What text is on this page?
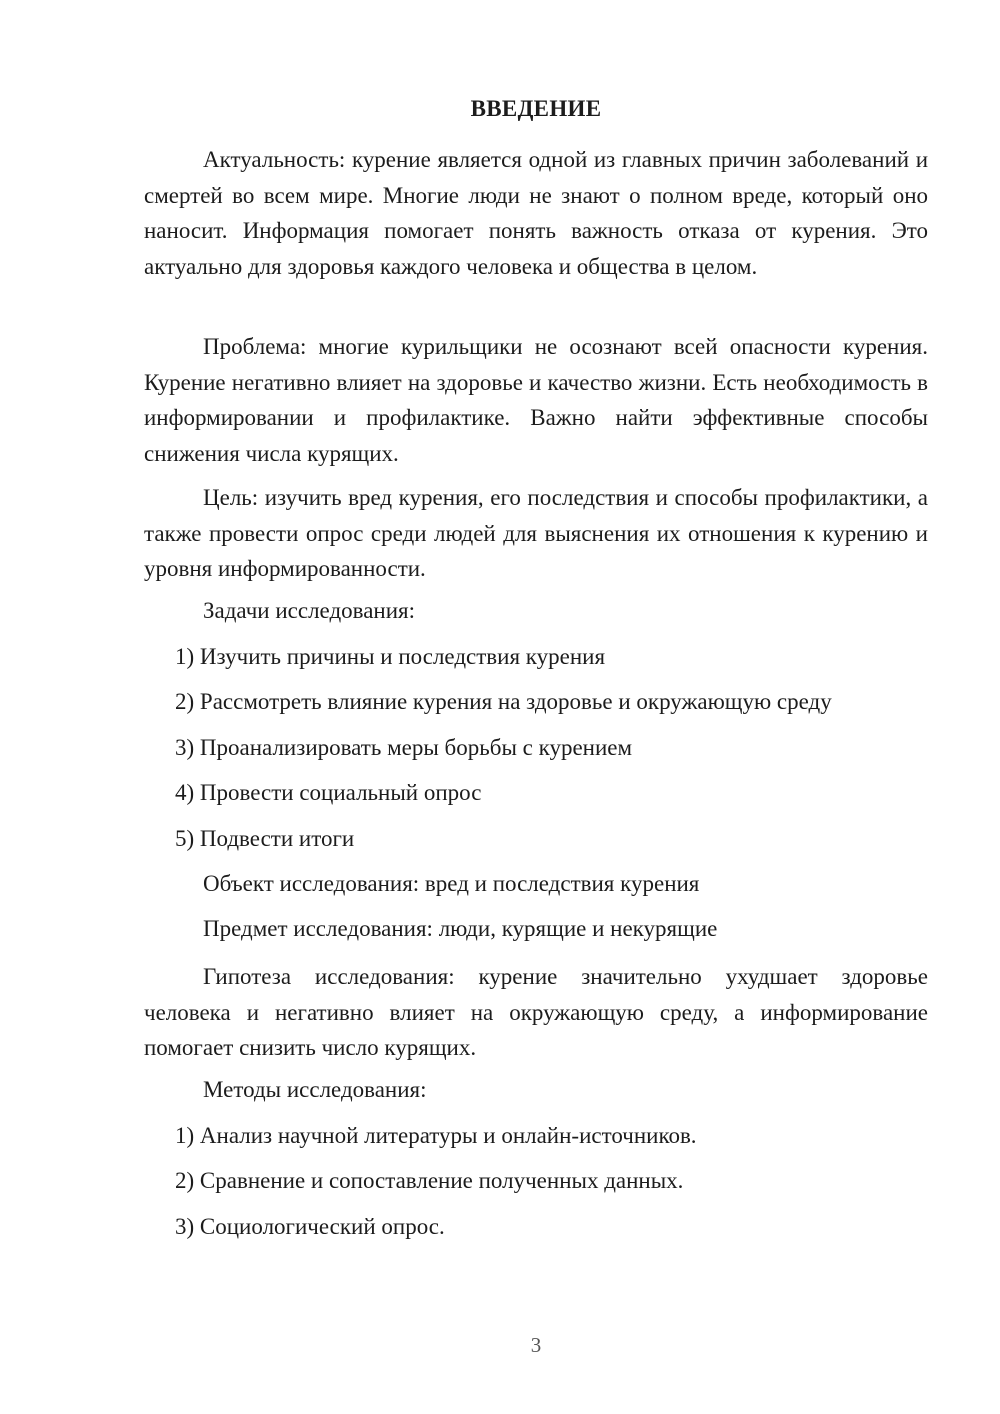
ВВЕДЕНИЕ

Актуальность: курение является одной из главных причин заболеваний и смертей во всем мире. Многие люди не знают о полном вреде, который оно наносит. Информация помогает понять важность отказа от курения. Это актуально для здоровья каждого человека и общества в целом.

Проблема: многие курильщики не осознают всей опасности курения. Курение негативно влияет на здоровье и качество жизни. Есть необходимость в информировании и профилактике. Важно найти эффективные способы снижения числа курящих.

Цель: изучить вред курения, его последствия и способы профилактики, а также провести опрос среди людей для выяснения их отношения к курению и уровня информированности.

Задачи исследования:
1) Изучить причины и последствия курения
2) Рассмотреть влияние курения на здоровье и окружающую среду
3) Проанализировать меры борьбы с курением
4) Провести социальный опрос
5) Подвести итоги
Объект исследования: вред и последствия курения
Предмет исследования: люди, курящие и некурящие

Гипотеза исследования: курение значительно ухудшает здоровье человека и негативно влияет на окружающую среду, а информирование помогает снизить число курящих.

Методы исследования:
1) Анализ научной литературы и онлайн-источников.
2) Сравнение и сопоставление полученных данных.
3) Социологический опрос.
3
